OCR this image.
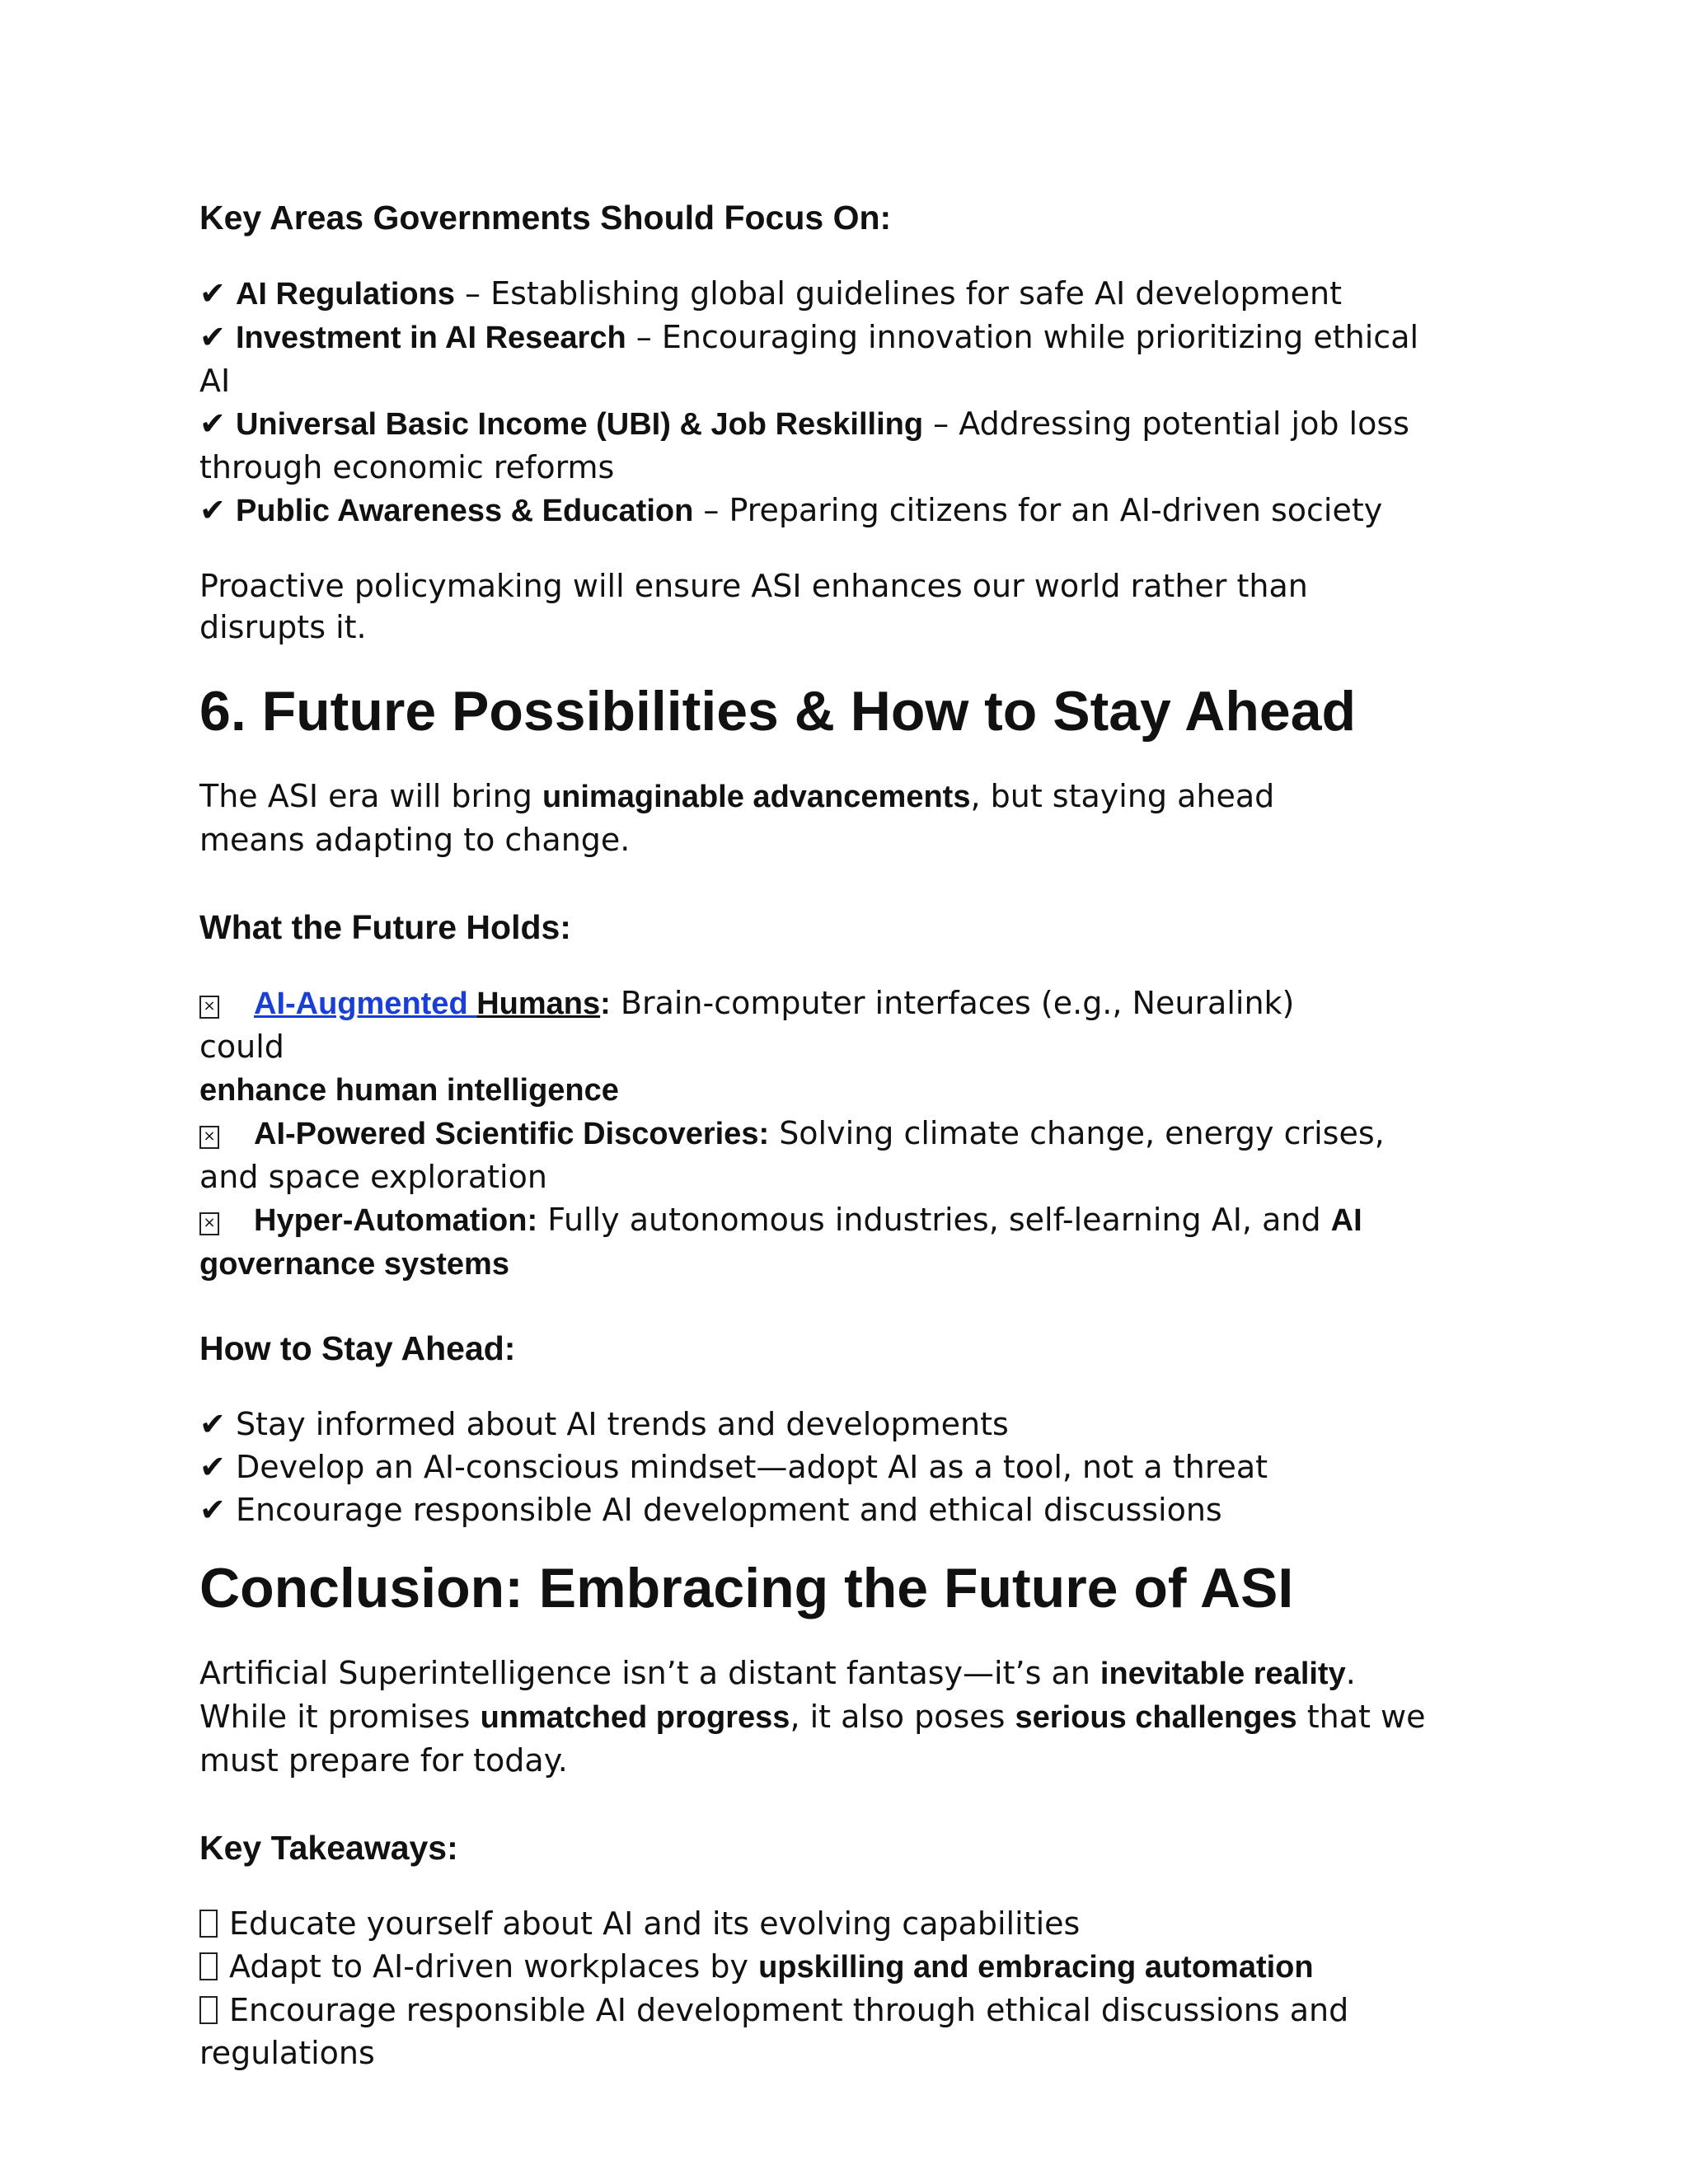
Key Areas Governments Should Focus On:
✔ AI Regulations – Establishing global guidelines for safe AI development
✔ Investment in AI Research – Encouraging innovation while prioritizing ethical AI
✔ Universal Basic Income (UBI) & Job Reskilling – Addressing potential job loss through economic reforms
✔ Public Awareness & Education – Preparing citizens for an AI-driven society

Proactive policymaking will ensure ASI enhances our world rather than disrupts it.

6. Future Possibilities & How to Stay Ahead

The ASI era will bring unimaginable advancements, but staying ahead means adapting to change.

What the Future Holds:
× AI-Augmented Humans: Brain-computer interfaces (e.g., Neuralink) could
enhance human intelligence
× AI-Powered Scientific Discoveries: Solving climate change, energy crises, and space exploration
× Hyper-Automation: Fully autonomous industries, self-learning AI, and AI governance systems
How to Stay Ahead:
✔ Stay informed about AI trends and developments
✔ Develop an AI-conscious mindset—adopt AI as a tool, not a threat
✔ Encourage responsible AI development and ethical discussions
Conclusion: Embracing the Future of ASI

Artificial Superintelligence isn’t a distant fantasy—it’s an inevitable reality. While it promises unmatched progress, it also poses serious challenges that we must prepare for today.

Key Takeaways:
Educate yourself about AI and its evolving capabilities
Adapt to AI-driven workplaces by upskilling and embracing automation
Encourage responsible AI development through ethical discussions and regulations
